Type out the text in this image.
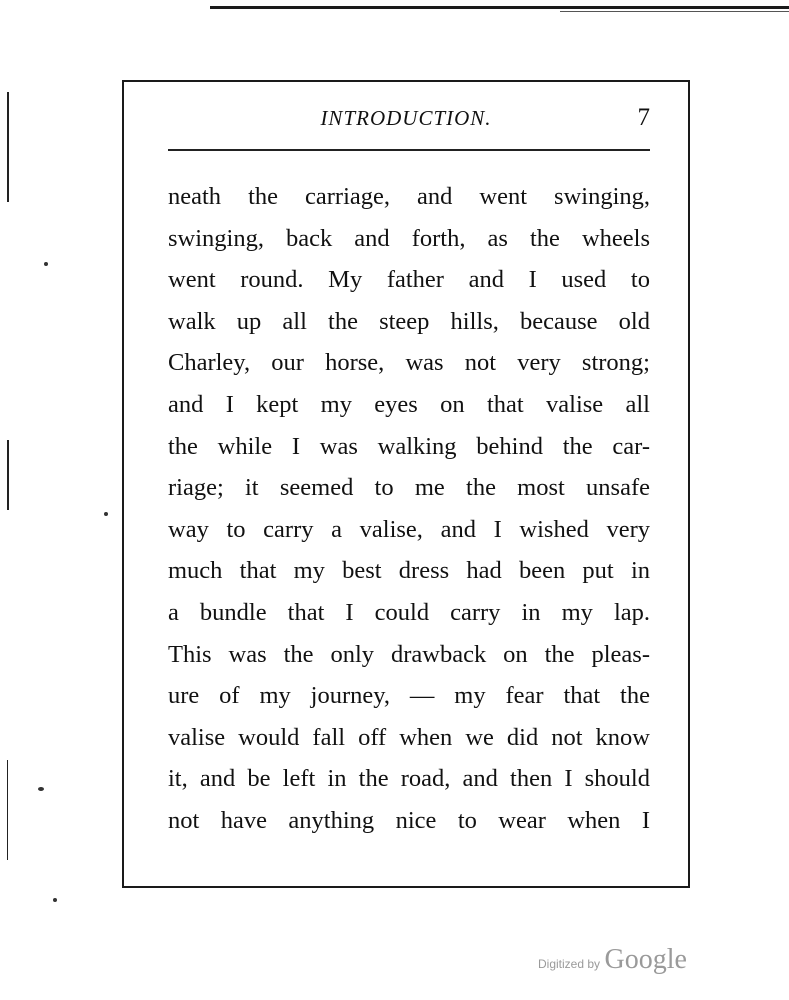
INTRODUCTION.	7
neath the carriage, and went swinging,
swinging, back and forth, as the wheels
went round. My father and I used to
walk up all the steep hills, because old
Charley, our horse, was not very strong;
and I kept my eyes on that valise all
the while I was walking behind the car-
riage; it seemed to me the most unsafe
way to carry a valise, and I wished very
much that my best dress had been put in
a bundle that I could carry in my lap.
This was the only drawback on the pleas-
ure of my journey, — my fear that the
valise would fall off when we did not know
it, and be left in the road, and then I should
not have anything nice to wear when I
Digitized by Google
